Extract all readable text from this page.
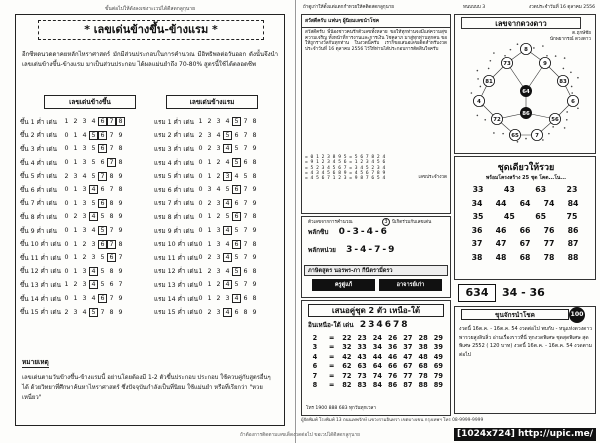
ขั้นต่อไปให้ดังลงเชงาะเวปได้ดีสดกลูกุนาย
* เลขเด่นข้างขึ้น-ข้างแรม *
อีกซีหดนวดดาคยหลักไหราศาสตร์ มักมีส่วนประกอบในการคำนวณ มีอิทธิพลต่อวันออก ดังนั้นจึงนำเลขเด่นข้างขึ้น-ข้างแรม มาเป็นส่วนประกอบ ได้ผลแม่นยำถึง 70-80% สูตรนี้ใช้ได้ตลอดชีพ
เลขเด่นข้างขึ้น	เลขเด่นข้างแรม
ขึ้น 1 ค่ำ เด่น	1 2 3 4 6 7 8
ขึ้น 2 ค่ำ เด่น	0 1 4 5 6 7 9
ขึ้น 3 ค่ำ เด่น	0 1 3 5 6 7 8
ขึ้น 4 ค่ำ เด่น	0 1 3 5 6 7 8
ขึ้น 5 ค่ำ เด่น	2 3 4 5 7 8 9
ขึ้น 6 ค่ำ เด่น	0 1 3 4 6 7 8
ขึ้น 7 ค่ำ เด่น	0 1 3 5 6 8 9
ขึ้น 8 ค่ำ เด่น	0 2 3 4 5 8 9
ขึ้น 9 ค่ำ เด่น	0 1 3 4 5 7 9
ขึ้น 10 ค่ำ เด่น 0 1 2 3 6 7 8
ขึ้น 11 ค่ำ เด่น 0 1 2 3 5 6 7
ขึ้น 12 ค่ำ เด่น 0 1 3 4 5 8 9
ขึ้น 13 ค่ำ เด่น 1 2 3 4 5 6 7
ขึ้น 14 ค่ำ เด่น 0 1 3 4 6 7 9
ขึ้น 15 ค่ำ เด่น 2 3 4 5 7 8 9
แรม 1 ค่ำ เด่น 1 2 3 4 5 7 8
แรม 2 ค่ำ เด่น 2 3 4 5 6 7 8
แรม 3 ค่ำ เด่น 0 2 3 4 5 7 9
แรม 4 ค่ำ เด่น 0 1 2 4 5 6 8
แรม 5 ค่ำ เด่น 0 1 2 3 4 5 8
แรม 6 ค่ำ เด่น 0 3 4 5 6 7 9
แรม 7 ค่ำ เด่น 0 2 3 4 6 7 9
แรม 8 ค่ำ เด่น 0 1 2 5 6 7 8
แรม 9 ค่ำ เด่น 0 1 3 4 5 7 9
แรม 10 ค่ำ เด่น 0 1 3 4 6 7 8
แรม 11 ค่ำ เด่น 0 2 3 4 5 7 9
แรม 12 ค่ำ เด่น 1 2 3 4 5 6 8
แรม 13 ค่ำ เด่น 0 1 2 4 5 7 9
แรม 14 ค่ำ เด่น 0 1 2 3 4 6 8
แรม 15 ค่ำ เด่น 0 2 3 4 6 8 9
หมายเหตุ
เลขเด่นตามวันข้างขึ้น-ข้างแรมนี้ อย่านโดยต้องมี 1-2 ตัวขึ้นประกอบ ประกอบ ใช้ควบคู่กับสูตรอื่นๆ ได้ ด้วยวิทยาที่ศึกษาค้นหาไหราศาสตร์ ซึ่งปัจจุบันกำลังเป็นที่นิยม ใช้แม่นยำ หรือที่เรียกว่า "หวยเหนี่ยว"
ถ้าดูเก่าให้ตั้งแต่แตกกำหวยให้คติดสดกลูกุนาย	หนบบบบ 3	งวดประจำวันที่ 16 ตุลาคม 2556
สวัสดีครับ แฟนๆ ผู้นิยมเลขนำโชค
สวัสดีครับ พี่น้องชาวคนรักตัวเลขทั้งหลาย ขอให้ทุกท่านจงมีแต่ความสุข ความเจริญ ทั้งหน้าที่การงานและการเงิน โชคลาภ มาสู่ทุกท่านทุกคน ขอให้ถูกรางวัลกันทุกท่าน ในงวดนี้ครับ เราก็ขอเสนอเลขเด็ดสำหรับงวดประจำวันที่ 16 ตุลาคม 2556 ไว้ให้ท่านได้ประกอบการตัดสินใจครับ
= 0 1 2 3 8 9 5 = 5 6 7 8 2 4
= 9 1 2 3 4 5 6 = 1 2 3 4 5 6
= 5 2 3 4 5 6 7 = 3 4 5 2 3 4
= 4 3 4 5 6 8 9 = 4 5 6 7 8 9
= 4 5 6 7 1 2 3 = 9 8 7 6 5 4	เลขประจำงวด
เลขจากดวงดาว
ต.ฤกษ์ชัย
นักพยากรณ์ ดวงดาว
8
73	9
81	83
4	6
72	56
65	7
64
86
ตัวเลขจากการคำนวณ	3 ปีเกิดร่วมกับเลขเด่น
พลักซิบ 0-3-4-6
พลักหน่วย 3-4-7-9
ภาษิตสูตร นอรพร-ภา กีนีตรามี่ดรว
ครูตู่แก้	อาจารย์เก่า
ชุดเดียวให้รวย
พร้อมโครงสร้าง 25 ชุด โคต...โน...
33	43	63	23
34	44	64	74	84
35	45	65	75
36	46	66	76	86
37	47	67	77	87
38	48	68	78	88
634	34 - 36
เสนอคู่ชุด 2 ตัว เหนือ-ใต้
อินเหนือ-ใต้ เด่น 234678
2	=	22 23 24 26 27 28 29
3	=	32 33 34 36 37 38 39
4	=	42 43 44 46 47 48 49
6	=	62 63 64 66 67 68 69
7	=	72 73 74 76 77 78 79
8	=	82 83 84 86 87 88 89
โทร 1900 888 683 ทุกวันทุกเวลา
ขุนจักรนำโชค	100
งวดนี้ 16ต.ค. - 16ต.ค. 54 งวดต่อไป พบกับ - หนูแห่งดวงดาวพารวยสูงลิบลิ่ว อ่านเรื่องราวที่นี่ ทุกงวดพิเศษ ชุดสุดพิเศษ สุดพิเศษ 2552 ( 120 บาท) งวดนี้ 16ต.ค. - 16ต.ค. 54 งวดตามต่อไป
ผู้จัดพิมพ์ โรงพิมพ์ 13 ถนนเทพรักษ์ แขวงรามอินทรา เขตบางเขน กรุงเทพฯ โทร 08-9999-9999
ถ้าต้องการติดตามเลขเด็ดงวดต่อไป ขอเวปได้ดีสดกลูกุนาย	[1024x724] http://upic.me/
